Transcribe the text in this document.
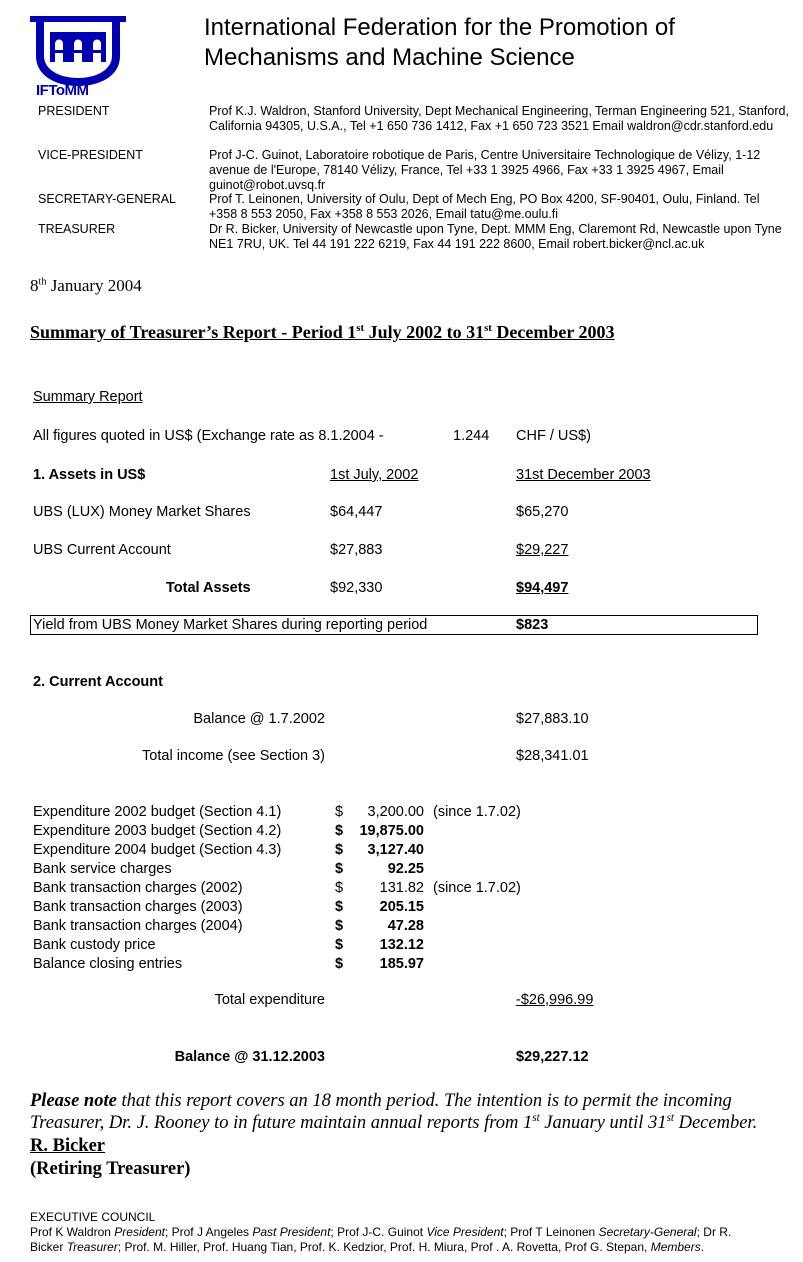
IFToMM
International Federation for the Promotion of
Mechanisms and Machine Science
PRESIDENT	Prof K.J. Waldron, Stanford University, Dept Mechanical Engineering, Terman Engineering 521, Stanford, California 94305, U.S.A., Tel +1 650 736 1412, Fax +1 650 723 3521 Email waldron@cdr.stanford.edu
VICE-PRESIDENT	Prof J-C. Guinot, Laboratoire robotique de Paris, Centre Universitaire Technologique de Vélizy, 1-12 avenue de l'Europe, 78140 Vélizy, France, Tel +33 1 3925 4966, Fax +33 1 3925 4967, Email guinot@robot.uvsq.fr
SECRETARY-GENERAL	Prof T. Leinonen, University of Oulu, Dept of Mech Eng, PO Box 4200, SF-90401, Oulu, Finland. Tel +358 8 553 2050, Fax +358 8 553 2026, Email tatu@me.oulu.fi
TREASURER	Dr R. Bicker, University of Newcastle upon Tyne, Dept. MMM Eng, Claremont Rd, Newcastle upon Tyne NE1 7RU, UK. Tel 44 191 222 6219, Fax 44 191 222 8600, Email robert.bicker@ncl.ac.uk
8th January 2004
Summary of Treasurer’s Report - Period 1st July 2002 to 31st December 2003
Summary Report
All figures quoted in US$ (Exchange rate as 8.1.2004 -	1.244 CHF / US$)
1. Assets in US$	1st July, 2002	31st December 2003
UBS (LUX) Money Market Shares	$64,447	$65,270
UBS Current Account	$27,883	$29,227
Total Assets	$92,330	$94,497
Yield from UBS Money Market Shares during reporting period	$823
2. Current Account
Balance @ 1.7.2002	$27,883.10
Total income (see Section 3)	$28,341.01
Expenditure 2002 budget (Section 4.1)	$	3,200.00 (since 1.7.02)
Expenditure 2003 budget (Section 4.2)	$	19,875.00
Expenditure 2004 budget (Section 4.3)	$	3,127.40
Bank service charges	$	92.25
Bank transaction charges (2002)	$	131.82 (since 1.7.02)
Bank transaction charges (2003)	$	205.15
Bank transaction charges (2004)	$	47.28
Bank custody price	$	132.12
Balance closing entries	$	185.97
Total expenditure	-$26,996.99
Balance @ 31.12.2003	$29,227.12
Please note that this report covers an 18 month period. The intention is to permit the incoming
Treasurer, Dr. J. Rooney to in future maintain annual reports from 1st January until 31st December.
R. Bicker
(Retiring Treasurer)
EXECUTIVE COUNCIL
Prof K Waldron President; Prof J Angeles Past President; Prof J-C. Guinot Vice President; Prof T Leinonen Secretary-General; Dr R.
Bicker Treasurer; Prof. M. Hiller, Prof. Huang Tian, Prof. K. Kedzior, Prof. H. Miura, Prof . A. Rovetta, Prof G. Stepan, Members.
